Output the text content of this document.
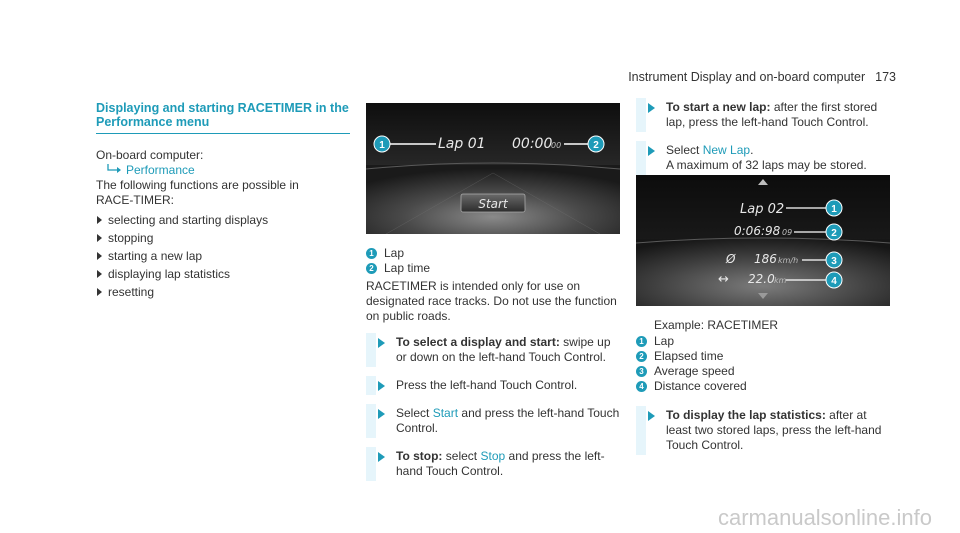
Instrument Display and on-board computer 173
Displaying and starting RACETIMER in the
Performance menu
On-board computer:
Performance
The following functions are possible in RACE-TIMER:
selecting and starting displays
stopping
starting a new lap
displaying lap statistics
resetting
Lap 01 00:00
00
Start
1	2
1 Lap
2 Lap time
RACETIMER is intended only for use on designated race tracks. Do not use the function on public roads.
To select a display and start: swipe up or down on the left-hand Touch Control.
Press the left-hand Touch Control.
Select Start and press the left-hand Touch Control.
To stop: select Stop and press the left-hand Touch Control.
To start a new lap: after the first stored lap, press the left-hand Touch Control.
Select New Lap.
A maximum of 32 laps may be stored.
Lap 02
0:06:98 09
Ø 186 km/h
↔ 22.0 km
1
2
3
4
Example: RACETIMER
1 Lap
2 Elapsed time
3 Average speed
4 Distance covered
To display the lap statistics: after at least two stored laps, press the left-hand Touch Control.
carmanualsonline.info
